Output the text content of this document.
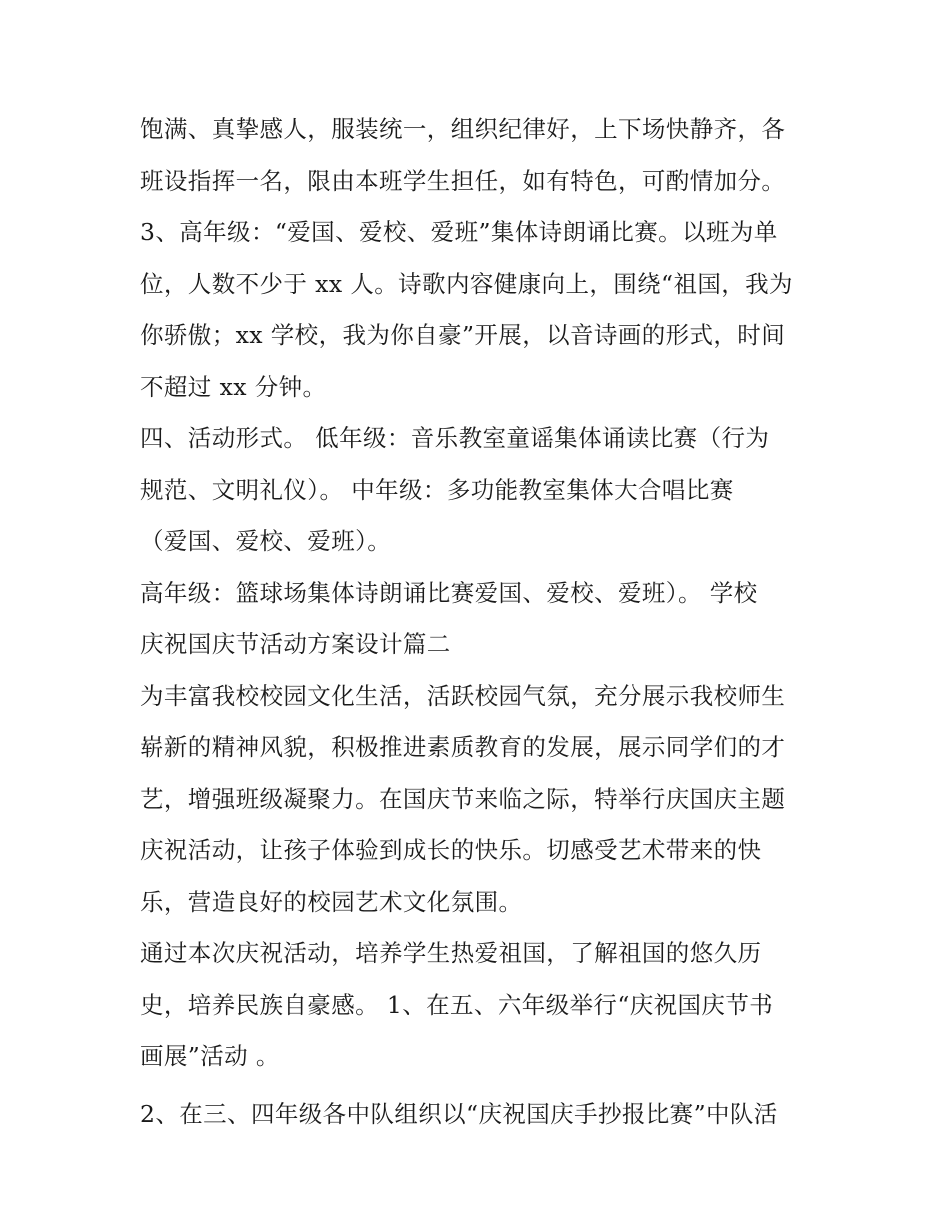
饱满、真挚感人，服装统一，组织纪律好，上下场快静齐，各
班设指挥一名，限由本班学生担任，如有特色，可酌情加分。
3、高年级：“爱国、爱校、爱班”集体诗朗诵比赛。以班为单
位，人数不少于 xx 人。诗歌内容健康向上，围绕“祖国，我为
你骄傲；xx 学校，我为你自豪”开展，以音诗画的形式，时间
不超过 xx 分钟。
四、活动形式。 低年级：音乐教室童谣集体诵读比赛（行为
规范、文明礼仪）。 中年级：多功能教室集体大合唱比赛
（爱国、爱校、爱班）。
高年级：篮球场集体诗朗诵比赛爱国、爱校、爱班）。 学校
庆祝国庆节活动方案设计篇二
为丰富我校校园文化生活，活跃校园气氛，充分展示我校师生
崭新的精神风貌，积极推进素质教育的发展，展示同学们的才
艺，增强班级凝聚力。在国庆节来临之际，特举行庆国庆主题
庆祝活动，让孩子体验到成长的快乐。切感受艺术带来的快
乐，营造良好的校园艺术文化氛围。
通过本次庆祝活动，培养学生热爱祖国，了解祖国的悠久历
史，培养民族自豪感。 1、在五、六年级举行“庆祝国庆节书
画展”活动 。
2、在三、四年级各中队组织以“庆祝国庆手抄报比赛”中队活
